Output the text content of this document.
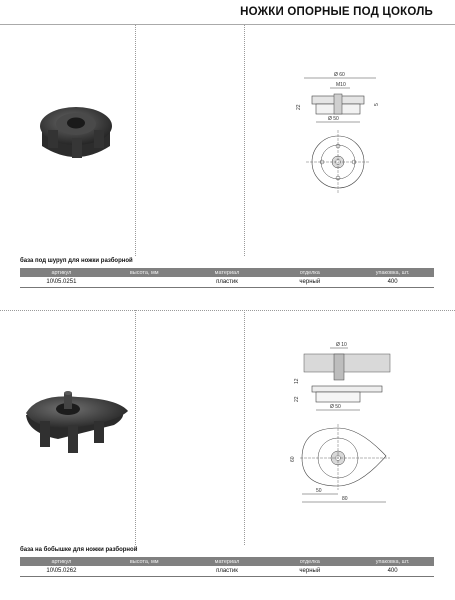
НОЖКИ ОПОРНЫЕ ПОД ЦОКОЛЬ
Ø 60
M10
22	5
Ø 50
база под шуруп для ножки разборной
артикул	высота, мм	материал	отделка	упаковка, шт.
10\05.0251		пластик	черный	400
Ø 10
12
22
Ø 50
60
50
80
база на бобышке для ножки разборной
артикул	высота, мм	материал	отделка	упаковка, шт.
10\05.0262		пластик	черный	400
